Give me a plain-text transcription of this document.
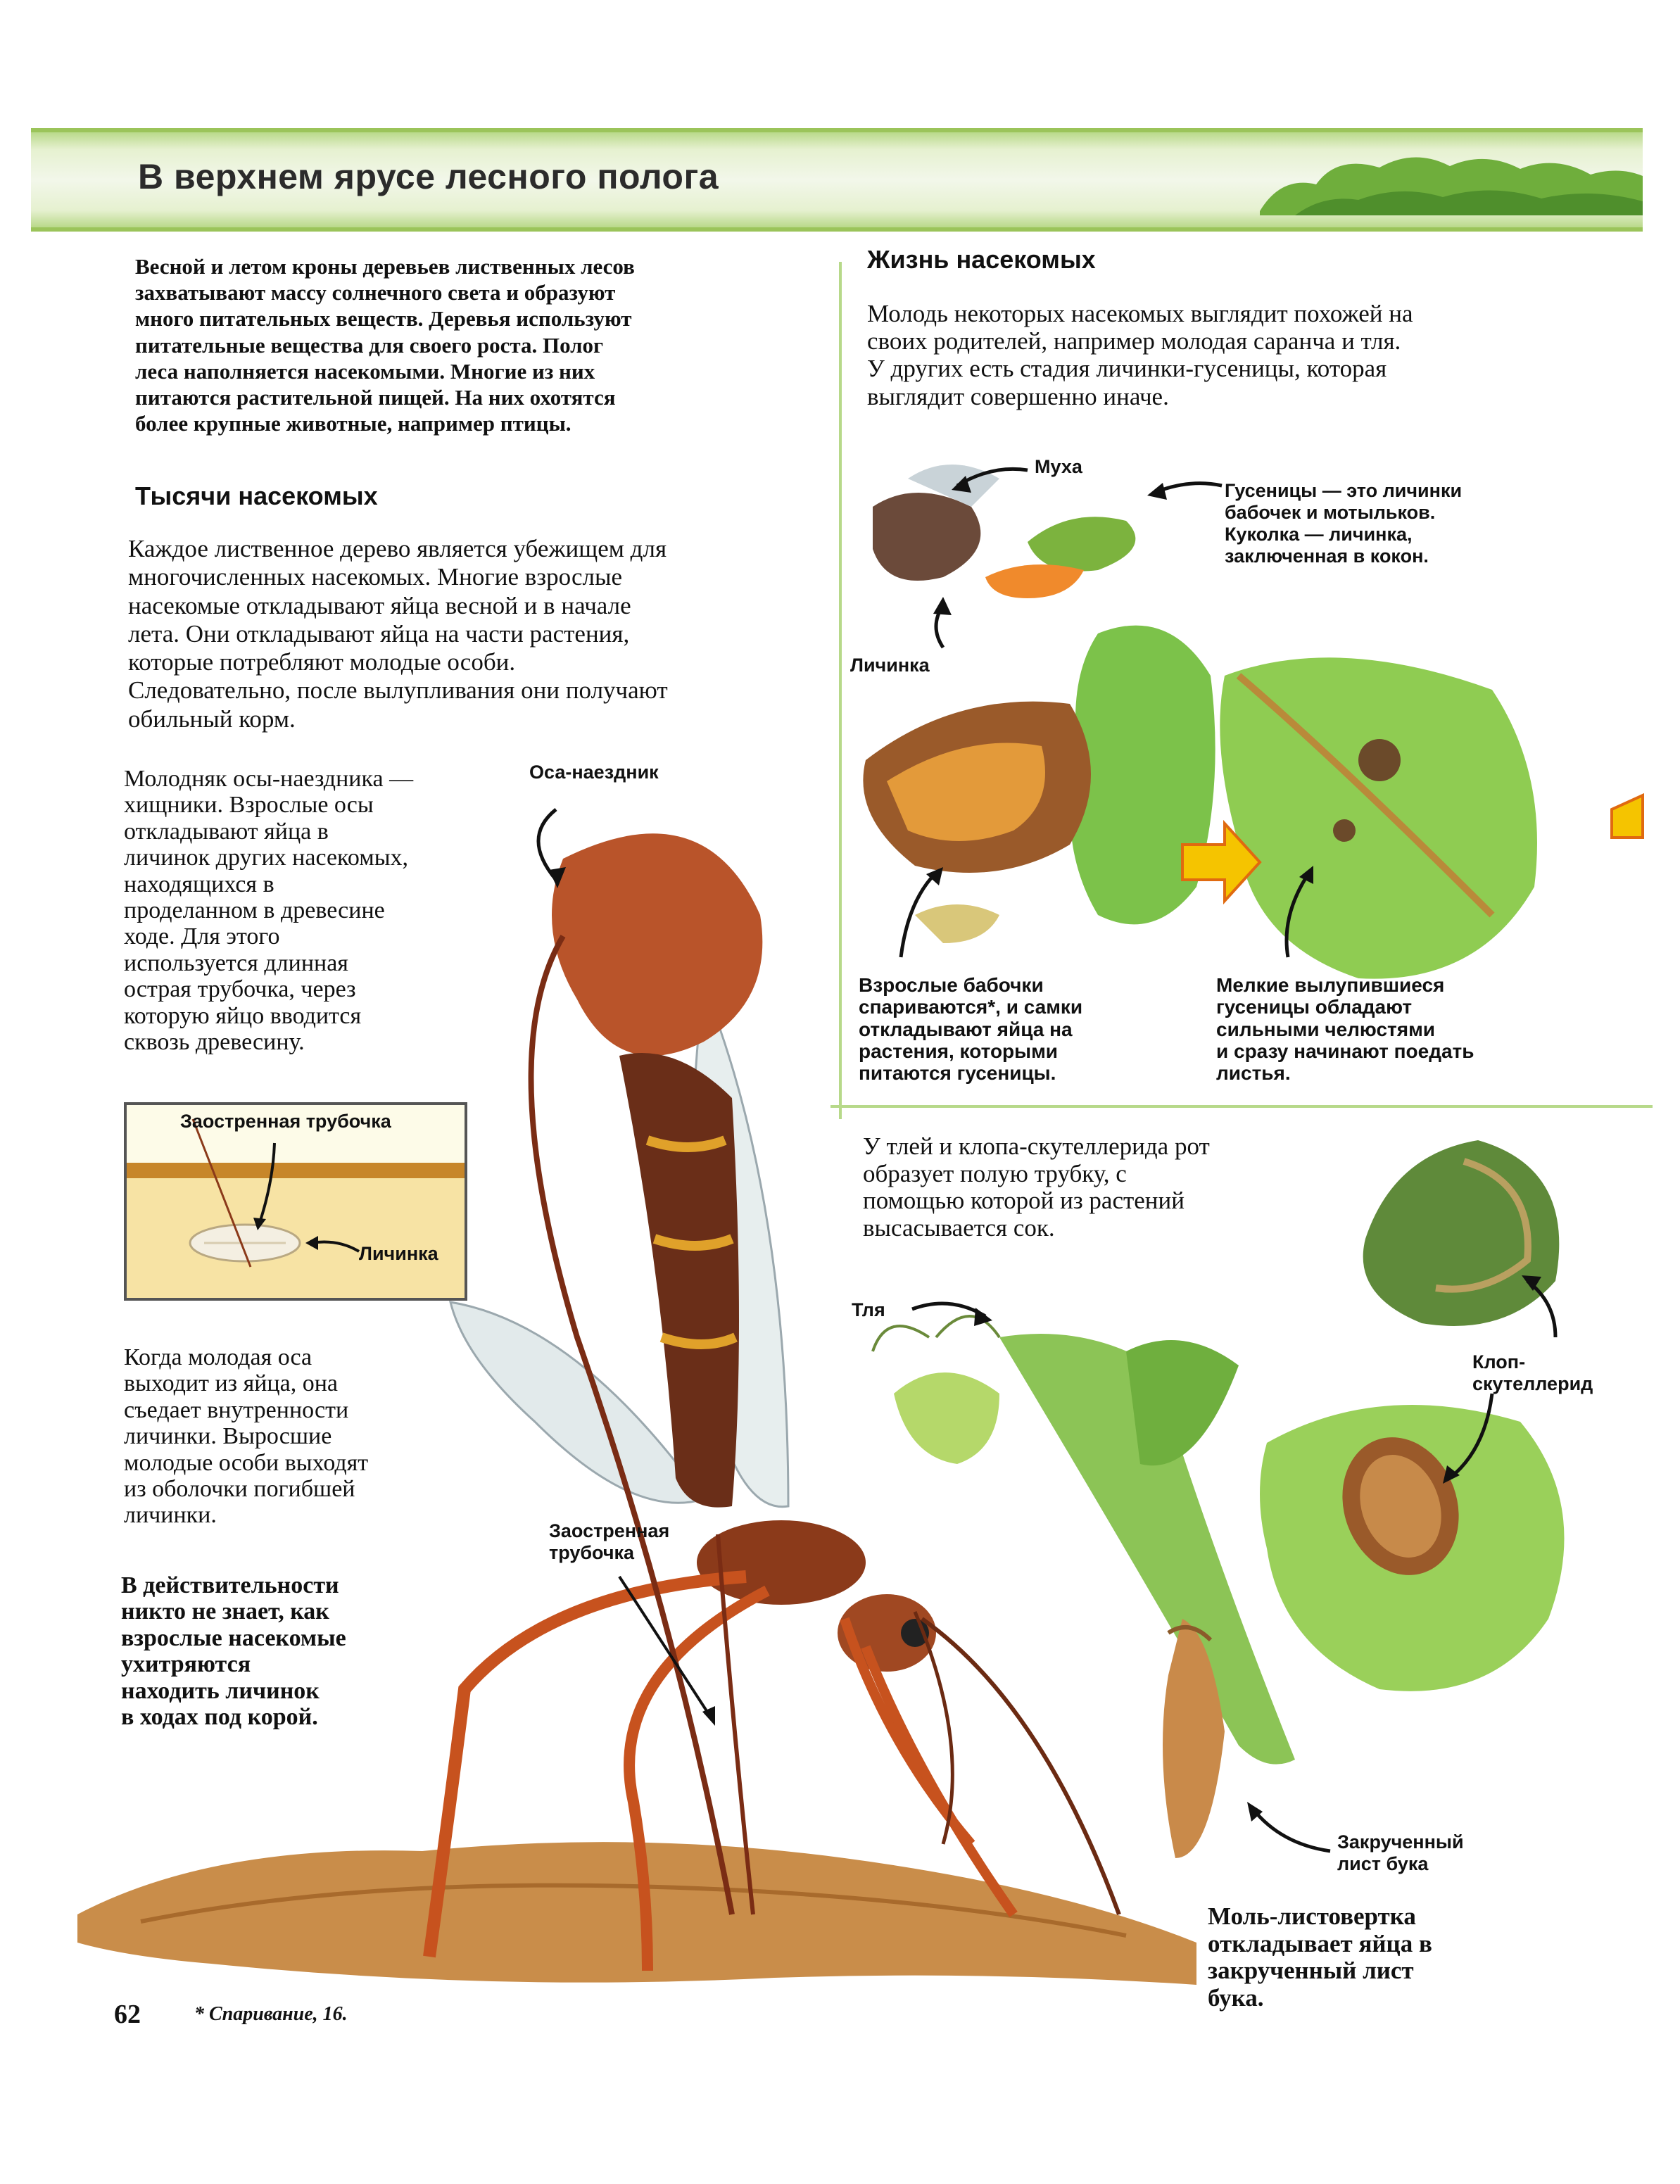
В верхнем ярусе лесного полога
Заостренная трубочка
Личинка
Весной и летом кроны деревьев лиственных лесов
захватывают массу солнечного света и образуют
много питательных веществ. Деревья используют
питательные вещества для своего роста. Полог
леса наполняется насекомыми. Многие из них
питаются растительной пищей. На них охотятся
более крупные животные, например птицы.
Тысячи насекомых
Каждое лиственное дерево является убежищем для
многочисленных насекомых. Многие взрослые
насекомые откладывают яйца весной и в начале
лета. Они откладывают яйца на части растения,
которые потребляют молодые особи.
Следовательно, после вылупливания они получают
обильный корм.
Молодняк осы-наездника —
хищники. Взрослые осы
откладывают яйца в
личинок других насекомых,
находящихся в
проделанном в древесине
ходе. Для этого
используется длинная
острая трубочка, через
которую яйцо вводится
сквозь древесину.
Оса-наездник
Когда молодая оса
выходит из яйца, она
съедает внутренности
личинки. Выросшие
молодые особи выходят
из оболочки погибшей
личинки.
В действительности
никто не знает, как
взрослые насекомые
ухитряются
находить личинок
в ходах под корой.
Заостренная
трубочка
Жизнь насекомых
Молодь некоторых насекомых выглядит похожей на
своих родителей, например молодая саранча и тля.
У других есть стадия личинки-гусеницы, которая
выглядит совершенно иначе.
Муха
Гусеницы — это личинки
бабочек и мотыльков.
Куколка — личинка,
заключенная в кокон.
Личинка
Взрослые бабочки
спариваются*, и самки
откладывают яйца на
растения, которыми
питаются гусеницы.
Мелкие вылупившиеся
гусеницы обладают
сильными челюстями
и сразу начинают поедать
листья.
У тлей и клопа-скутеллерида рот
образует полую трубку, с
помощью которой из растений
высасывается сок.
Тля
Клоп-
скутеллерид
Закрученный
лист бука
Моль-листовертка
откладывает яйца в
закрученный лист
бука.
62	* Спаривание, 16.
